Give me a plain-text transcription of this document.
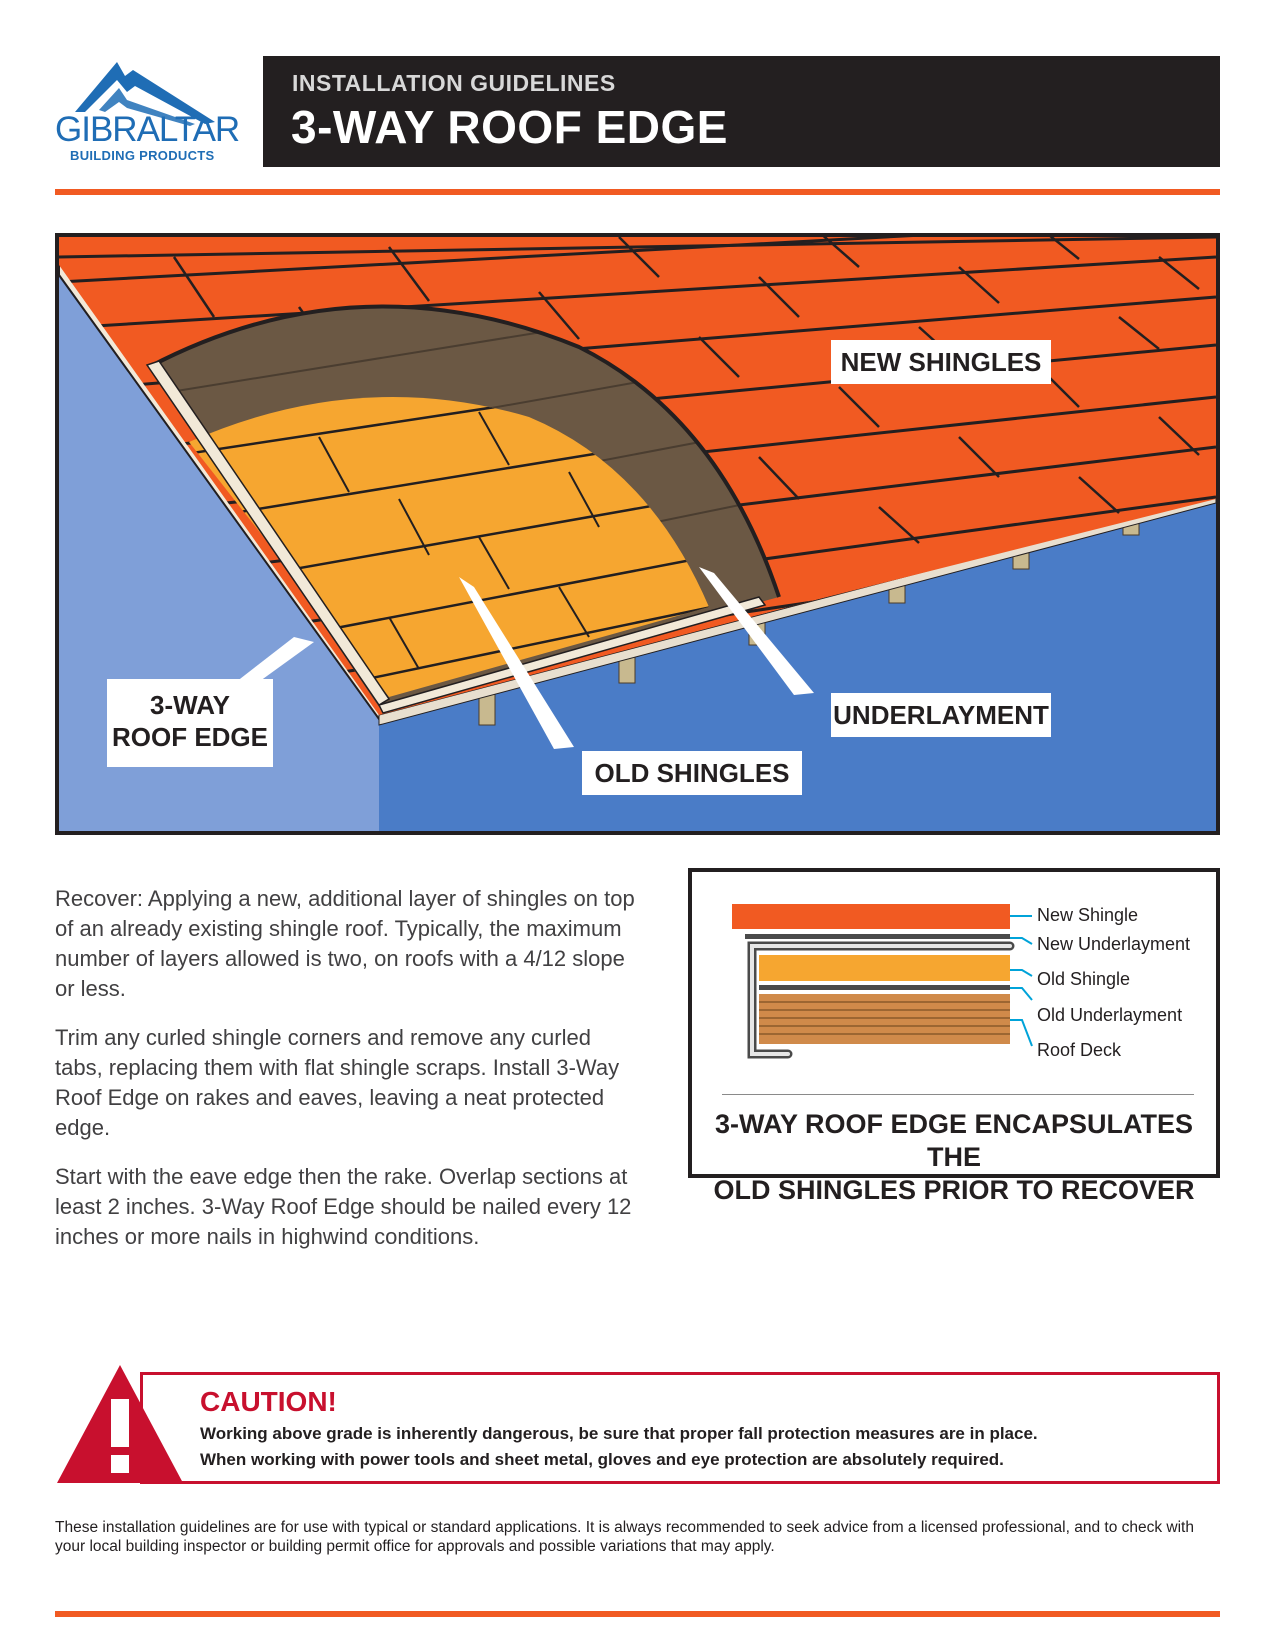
GIBRALTAR
BUILDING PRODUCTS
INSTALLATION GUIDELINES
3-WAY ROOF EDGE
NEW SHINGLES
UNDERLAYMENT
OLD SHINGLES
3-WAY
ROOF EDGE

Recover: Applying a new, additional layer of shingles on top of an already existing shingle roof. Typically, the maximum number of layers allowed is two, on roofs with a 4/12 slope or less.

Trim any curled shingle corners and remove any curled tabs, replacing them with flat shingle scraps. Install 3-Way Roof Edge on rakes and eaves, leaving a neat protected edge.

Start with the eave edge then the rake. Overlap sections at least 2 inches. 3-Way Roof Edge should be nailed every 12 inches or more nails in highwind conditions.

New Shingle
New Underlayment
Old Shingle
Old Underlayment
Roof Deck
3-WAY ROOF EDGE ENCAPSULATES THE
OLD SHINGLES PRIOR TO RECOVER
CAUTION!
Working above grade is inherently dangerous, be sure that proper fall protection measures are in place.
When working with power tools and sheet metal, gloves and eye protection are absolutely required.

These installation guidelines are for use with typical or standard applications. It is always recommended to seek advice from a licensed professional, and to check with your local building inspector or building permit office for approvals and possible variations that may apply.
